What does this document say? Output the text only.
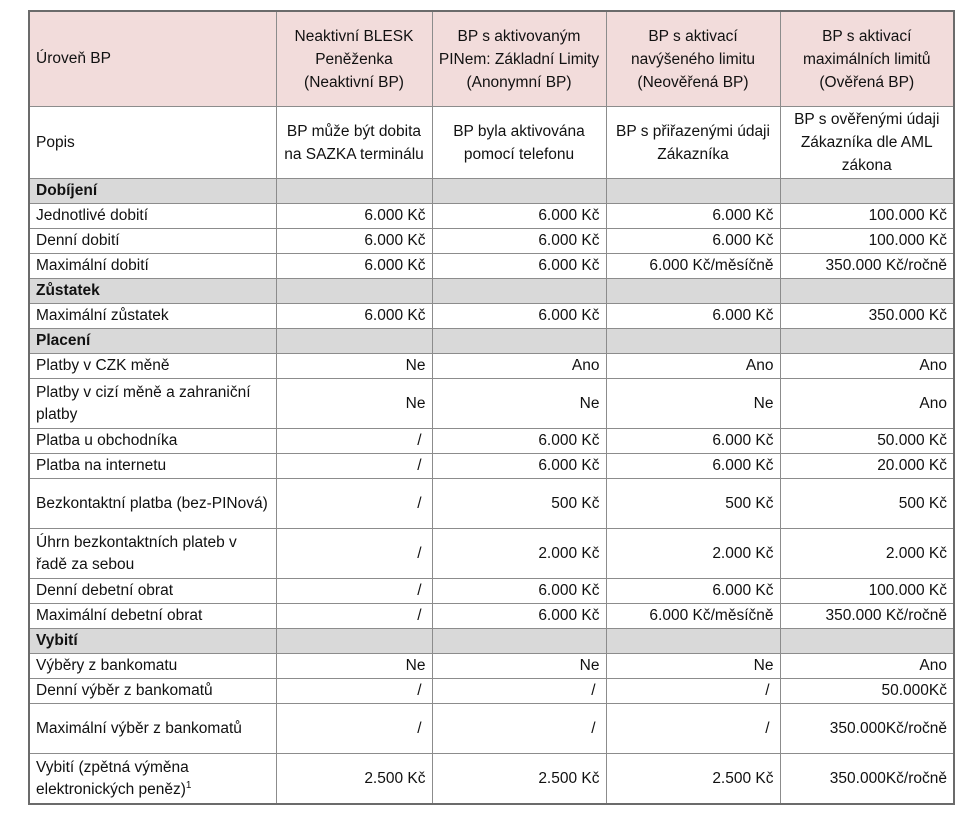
Úroveň BP	Neaktivní BLESK Peněženka (Neaktivní BP)	BP s aktivovaným PINem: Základní Limity (Anonymní BP)	BP s aktivací navýšeného limitu (Neověřená BP)	BP s aktivací maximálních limitů (Ověřená BP)
Popis	BP může být dobita na SAZKA terminálu	BP byla aktivována pomocí telefonu	BP s přiřazenými údaji Zákazníka	BP s ověřenými údaji Zákazníka dle AML zákona
Dobíjení				
Jednotlivé dobití	6.000 Kč	6.000 Kč	6.000 Kč	100.000 Kč
Denní dobití	6.000 Kč	6.000 Kč	6.000 Kč	100.000 Kč
Maximální dobití	6.000 Kč	6.000 Kč	6.000 Kč/měsíčně	350.000 Kč/ročně
Zůstatek				
Maximální zůstatek	6.000 Kč	6.000 Kč	6.000 Kč	350.000 Kč
Placení				
Platby v CZK měně	Ne	Ano	Ano	Ano
Platby v cizí měně a zahraniční platby	Ne	Ne	Ne	Ano
Platba u obchodníka	/	6.000 Kč	6.000 Kč	50.000 Kč
Platba na internetu	/	6.000 Kč	6.000 Kč	20.000 Kč
Bezkontaktní platba (bez-PINová)	/	500 Kč	500 Kč	500 Kč
Úhrn bezkontaktních plateb v řadě za sebou	/	2.000 Kč	2.000 Kč	2.000 Kč
Denní debetní obrat	/	6.000 Kč	6.000 Kč	100.000 Kč
Maximální debetní obrat	/	6.000 Kč	6.000 Kč/měsíčně	350.000 Kč/ročně
Vybití				
Výběry z bankomatu	Ne	Ne	Ne	Ano
Denní výběr z bankomatů	/	/	/	50.000Kč
Maximální výběr z bankomatů	/	/	/	350.000Kč/ročně
Vybití (zpětná výměna elektronických peněz)$^1$	2.500 Kč	2.500 Kč	2.500 Kč	350.000Kč/ročně
